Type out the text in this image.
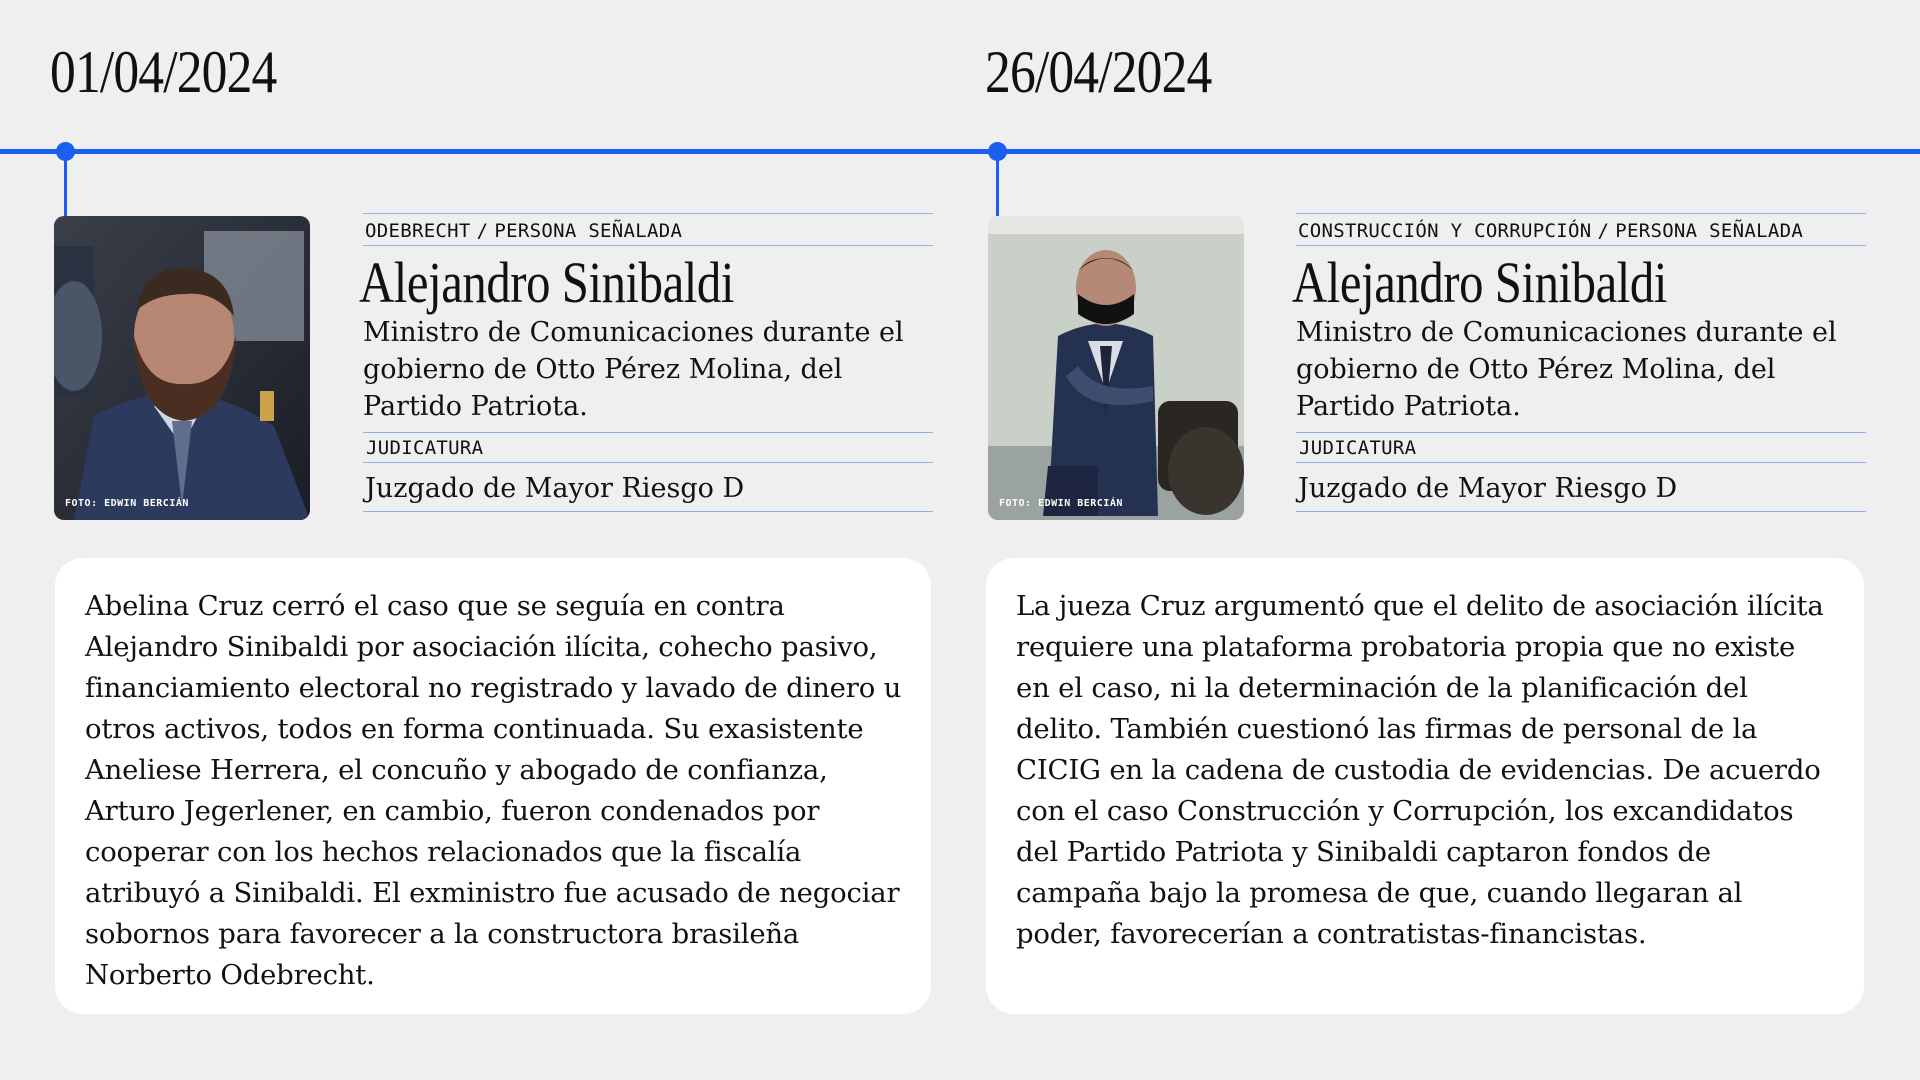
01/04/2024
FOTO: EDWIN BERCIÁN
ODEBRECHT / PERSONA SEÑALADA
Alejandro Sinibaldi
Ministro de Comunicaciones durante el gobierno de Otto Pérez Molina, del Partido Patriota.
JUDICATURA
Juzgado de Mayor Riesgo D

Abelina Cruz cerró el caso que se seguía en contra Alejandro Sinibaldi por asociación ilícita, cohecho pasivo, financiamiento electoral no registrado y lavado de dinero u otros activos, todos en forma continuada. Su exasistente Aneliese Herrera, el concuño y abogado de confianza, Arturo Jegerlener, en cambio, fueron condenados por cooperar con los hechos relacionados que la fiscalía atribuyó a Sinibaldi. El exministro fue acusado de negociar sobornos para favorecer a la constructora brasileña Norberto Odebrecht.

26/04/2024
FOTO: EDWIN BERCIÁN
CONSTRUCCIÓN Y CORRUPCIÓN / PERSONA SEÑALADA
Alejandro Sinibaldi
Ministro de Comunicaciones durante el gobierno de Otto Pérez Molina, del Partido Patriota.
JUDICATURA
Juzgado de Mayor Riesgo D

La jueza Cruz argumentó que el delito de asociación ilícita requiere una plataforma probatoria propia que no existe en el caso, ni la determinación de la planificación del delito. También cuestionó las firmas de personal de la CICIG en la cadena de custodia de evidencias. De acuerdo con el caso Construcción y Corrupción, los excandidatos del Partido Patriota y Sinibaldi captaron fondos de campaña bajo la promesa de que, cuando llegaran al poder, favorecerían a contratistas-financistas.
